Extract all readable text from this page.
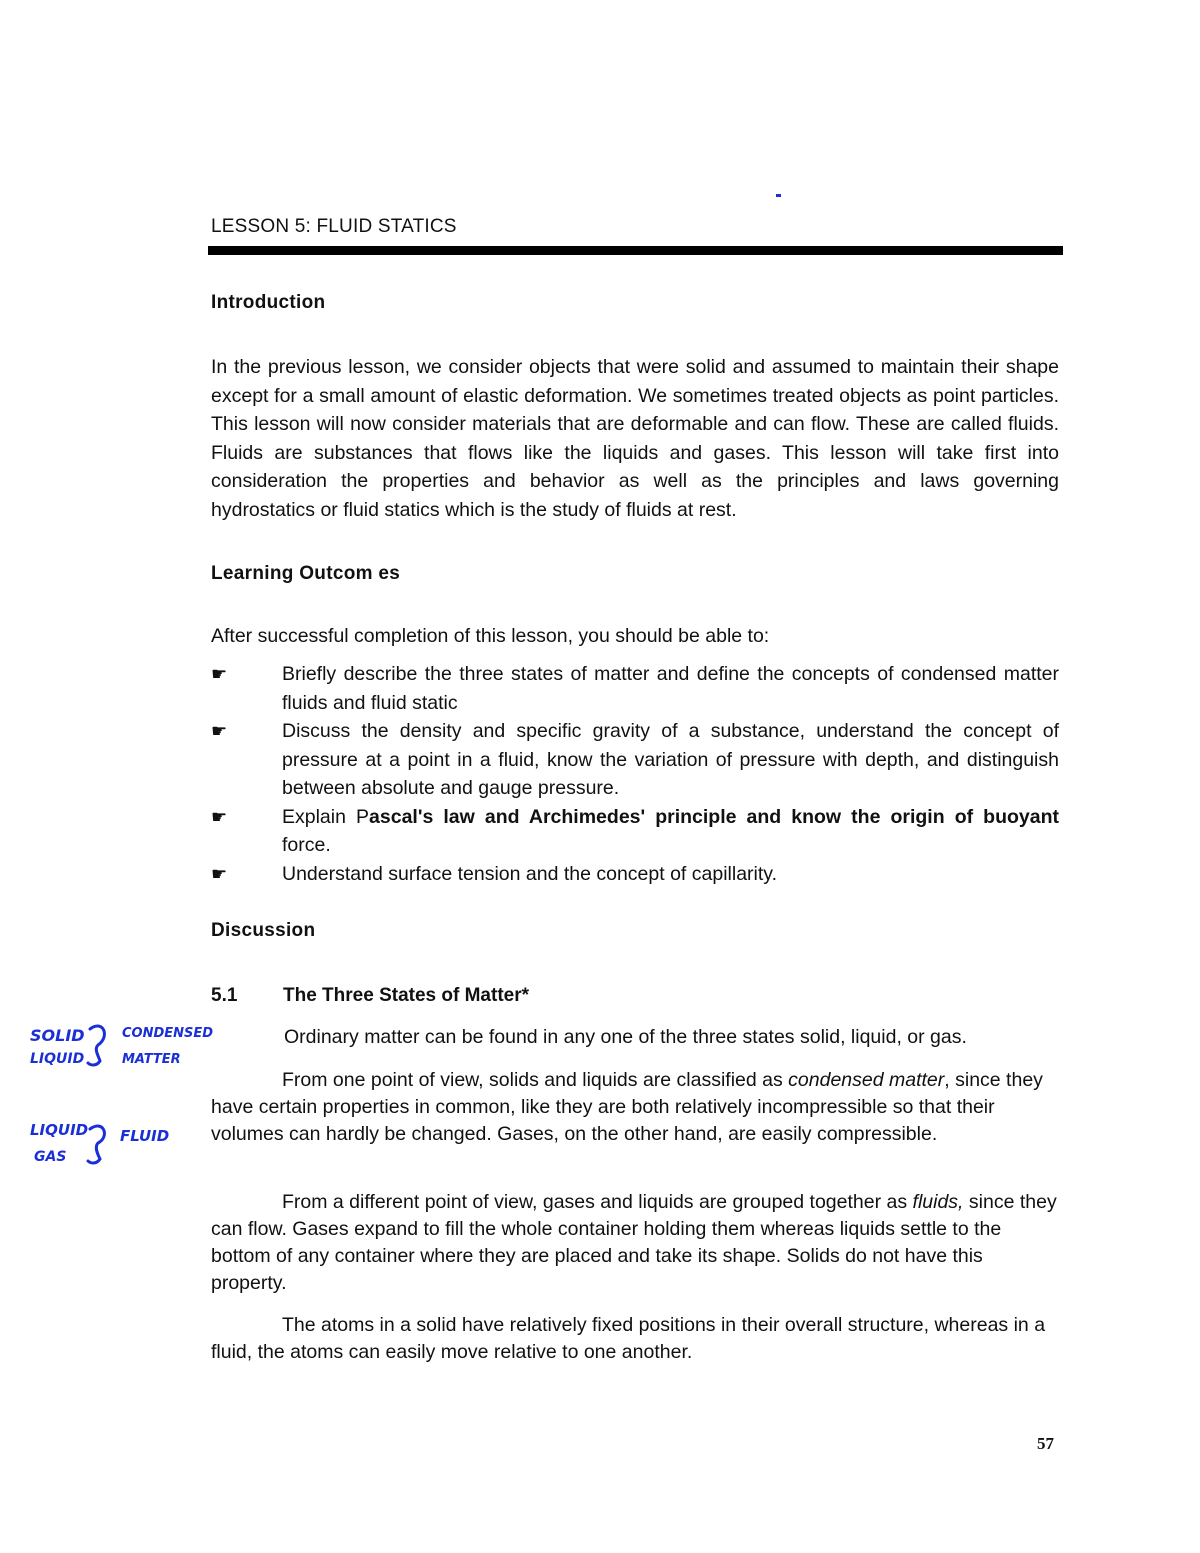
LESSON 5: FLUID STATICS
Introduction
In the previous lesson, we consider objects that were solid and assumed to maintain their shape except for a small amount of elastic deformation. We sometimes treated objects as point particles. This lesson will now consider materials that are deformable and can flow. These are called fluids. Fluids are substances that flows like the liquids and gases. This lesson will take first into consideration the properties and behavior as well as the principles and laws governing hydrostatics or fluid statics which is the study of fluids at rest.
Learning Outcom es
After successful completion of this lesson, you should be able to:
☛	Briefly describe the three states of matter and define the concepts of condensed matter fluids and fluid static
☛	Discuss the density and specific gravity of a substance, understand the concept of pressure at a point in a fluid, know the variation of pressure with depth, and distinguish between absolute and gauge pressure.
☛	Explain Pascal's law and Archimedes' principle and know the origin of buoyant force.
☛	Understand surface tension and the concept of capillarity.
Discussion
5.1 The Three States of Matter*
Ordinary matter can be found in any one of the three states solid, liquid, or gas.
From one point of view, solids and liquids are classified as condensed matter, since they have certain properties in common, like they are both relatively incompressible so that their volumes can hardly be changed. Gases, on the other hand, are easily compressible.
From a different point of view, gases and liquids are grouped together as fluids, since they can flow. Gases expand to fill the whole container holding them whereas liquids settle to the bottom of any container where they are placed and take its shape. Solids do not have this property.
The atoms in a solid have relatively fixed positions in their overall structure, whereas in a fluid, the atoms can easily move relative to one another.
SOLID
LIQUID
CONDENSED
MATTER
LIQUID
GAS
FLUID
57
